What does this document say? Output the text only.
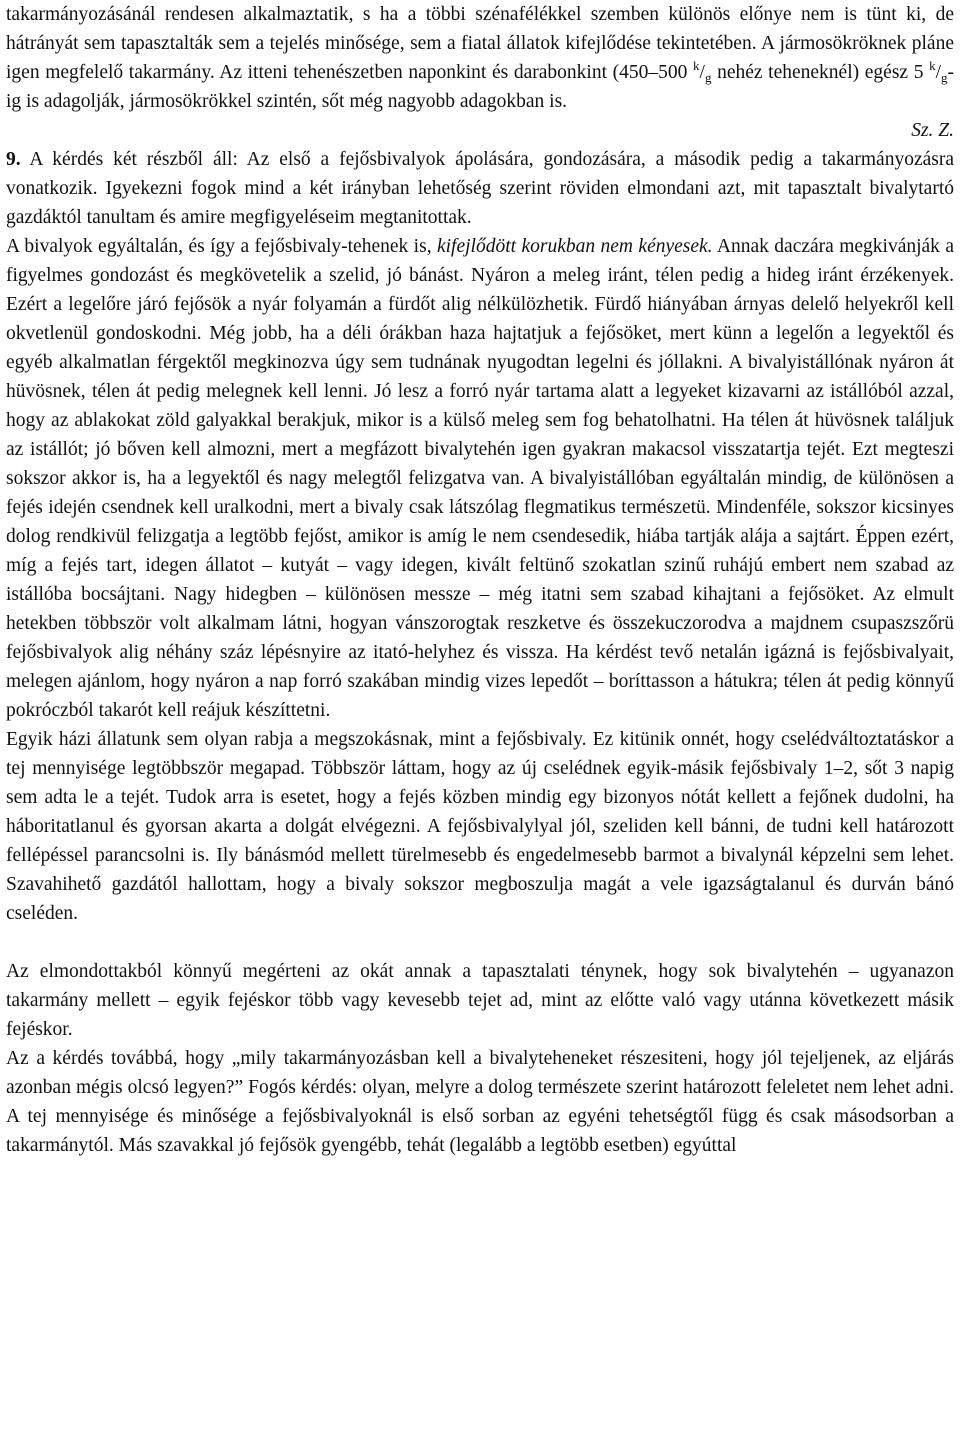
takarmányozásánál rendesen alkalmaztatik, s ha a többi szénafélékkel szemben különös előnye nem is tünt ki, de hátrányát sem tapasztalták sem a tejelés minősége, sem a fiatal állatok kifejlődése tekintetében. A jármosökröknek pláne igen megfelelő takarmány. Az itteni tehenészetben naponkint és darabonkint (450–500 $^k/_g$ nehéz teheneknél) egész 5 $^k/_g-ig$ is adagolják, jármosökrökkel szintén, sőt még nagyobb adagokban is.

Sz. Z.

9. A kérdés két részből áll: Az első a fejősbivalyok ápolására, gondozására, a második pedig a takarmányozásra vonatkozik. Igyekezni fogok mind a két irányban lehetőség szerint röviden elmondani azt, mit tapasztalt bivalytartó gazdáktól tanultam és amire megfigyeléseim megtanitottak.

A bivalyok egyáltalán, és így a fejősbivaly-tehenek is, kifejlődött korukban nem kényesek. Annak daczára megkivánják a figyelmes gondozást és megkövetelik a szelid, jó bánást. Nyáron a meleg iránt, télen pedig a hideg iránt érzékenyek. Ezért a legelőre járó fejősök a nyár folyamán a fürdőt alig nélkülözhetik. Fürdő hiányában árnyas delelő helyekről kell okvetlenül gondoskodni. Még jobb, ha a déli órákban haza hajtatjuk a fejősöket, mert künn a legelőn a legyektől és egyéb alkalmatlan férgektől megkinozva úgy sem tudnának nyugodtan legelni és jóllakni. A bivalyistállónak nyáron át hüvösnek, télen át pedig melegnek kell lenni. Jó lesz a forró nyár tartama alatt a legyeket kizavarni az istállóból azzal, hogy az ablakokat zöld galyakkal berakjuk, mikor is a külső meleg sem fog behatolhatni. Ha télen át hüvösnek találjuk az istállót; jó bőven kell almozni, mert a megfázott bivalytehén igen gyakran makacsol visszatartja tejét. Ezt megteszi sokszor akkor is, ha a legyektől és nagy melegtől felizgatva van. A bivalyistállóban egyáltalán mindig, de különösen a fejés idején csendnek kell uralkodni, mert a bivaly csak látszólag flegmatikus természetü. Mindenféle, sokszor kicsinyes dolog rendkivül felizgatja a legtöbb fejőst, amikor is amíg le nem csendesedik, hiába tartják alája a sajtárt. Éppen ezért, míg a fejés tart, idegen állatot – kutyát – vagy idegen, kivált feltünő szokatlan szinű ruhájú embert nem szabad az istállóba bocsájtani. Nagy hidegben – különösen messze – még itatni sem szabad kihajtani a fejősöket. Az elmult hetekben többször volt alkalmam látni, hogyan vánszorogtak reszketve és összekuczorodva a majdnem csupaszszőrü fejősbivalyok alig néhány száz lépésnyire az itató-helyhez és vissza. Ha kérdést tevő netalán igázná is fejősbivalyait, melegen ajánlom, hogy nyáron a nap forró szakában mindig vizes lepedőt – boríttasson a hátukra; télen át pedig könnyű pokróczból takarót kell reájuk készíttetni.

Egyik házi állatunk sem olyan rabja a megszokásnak, mint a fejősbivaly. Ez kitünik onnét, hogy cselédváltoztatáskor a tej mennyisége legtöbbször megapad. Többször láttam, hogy az új cselédnek egyik-másik fejősbivaly 1–2, sőt 3 napig sem adta le a tejét. Tudok arra is esetet, hogy a fejés közben mindig egy bizonyos nótát kellett a fejőnek dudolni, ha háboritatlanul és gyorsan akarta a dolgát elvégezni. A fejősbivalylyal jól, szeliden kell bánni, de tudni kell határozott fellépéssel parancsolni is. Ily bánásmód mellett türelmesebb és engedelmesebb barmot a bivalynál képzelni sem lehet. Szavahihető gazdától hallottam, hogy a bivaly sokszor megboszulja magát a vele igazságtalanul és durván bánó cseléden.

Az elmondottakból könnyű megérteni az okát annak a tapasztalati ténynek, hogy sok bivalytehén – ugyanazon takarmány mellett – egyik fejéskor több vagy kevesebb tejet ad, mint az előtte való vagy utánna következett másik fejéskor.

Az a kérdés továbbá, hogy „mily takarmányozásban kell a bivalyteheneket részesiteni, hogy jól tejeljenek, az eljárás azonban mégis olcsó legyen?” Fogós kérdés: olyan, melyre a dolog természete szerint határozott feleletet nem lehet adni. A tej mennyisége és minősége a fejősbivalyoknál is első sorban az egyéni tehetségtől függ és csak másodsorban a takarmánytól. Más szavakkal jó fejősök gyengébb, tehát (legalább a legtöbb esetben) egyúttal
